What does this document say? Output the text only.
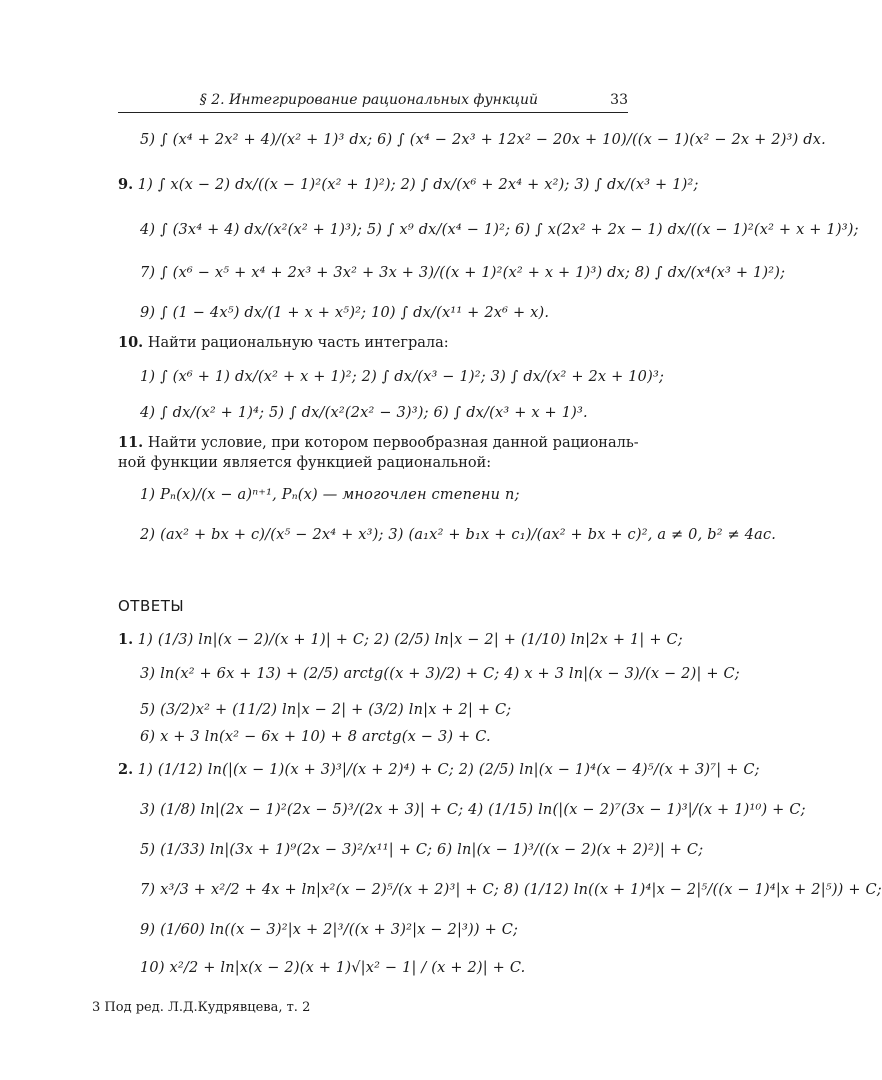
§ 2. Интегрирование рациональных функций	33
5) ∫ (x⁴ + 2x² + 4)/(x² + 1)³ dx; 6) ∫ (x⁴ − 2x³ + 12x² − 20x + 10)/((x − 1)(x² − 2x + 2)³) dx.
9. 1) ∫ x(x − 2) dx/((x − 1)²(x² + 1)²); 2) ∫ dx/(x⁶ + 2x⁴ + x²); 3) ∫ dx/(x³ + 1)²;
4) ∫ (3x⁴ + 4) dx/(x²(x² + 1)³); 5) ∫ x⁹ dx/(x⁴ − 1)²; 6) ∫ x(2x² + 2x − 1) dx/((x − 1)²(x² + x + 1)³);
7) ∫ (x⁶ − x⁵ + x⁴ + 2x³ + 3x² + 3x + 3)/((x + 1)²(x² + x + 1)³) dx; 8) ∫ dx/(x⁴(x³ + 1)²);
9) ∫ (1 − 4x⁵) dx/(1 + x + x⁵)²; 10) ∫ dx/(x¹¹ + 2x⁶ + x).
10. Найти рациональную часть интеграла:
1) ∫ (x⁶ + 1) dx/(x² + x + 1)²; 2) ∫ dx/(x³ − 1)²; 3) ∫ dx/(x² + 2x + 10)³;
4) ∫ dx/(x² + 1)⁴; 5) ∫ dx/(x²(2x² − 3)³); 6) ∫ dx/(x³ + x + 1)³.
11. Найти условие, при котором первообразная данной рациональ-
ной функции является функцией рациональной:
1) Pₙ(x)/(x − a)ⁿ⁺¹, Pₙ(x) — многочлен степени n;
2) (ax² + bx + c)/(x⁵ − 2x⁴ + x³); 3) (a₁x² + b₁x + c₁)/(ax² + bx + c)², a ≠ 0, b² ≠ 4ac.
ОТВЕТЫ
1. 1) (1/3) ln|(x − 2)/(x + 1)| + C; 2) (2/5) ln|x − 2| + (1/10) ln|2x + 1| + C;
3) ln(x² + 6x + 13) + (2/5) arctg((x + 3)/2) + C; 4) x + 3 ln|(x − 3)/(x − 2)| + C;
5) (3/2)x² + (11/2) ln|x − 2| + (3/2) ln|x + 2| + C;
6) x + 3 ln(x² − 6x + 10) + 8 arctg(x − 3) + C.
2. 1) (1/12) ln(|(x − 1)(x + 3)³|/(x + 2)⁴) + C; 2) (2/5) ln|(x − 1)⁴(x − 4)⁵/(x + 3)⁷| + C;
3) (1/8) ln|(2x − 1)²(2x − 5)³/(2x + 3)| + C; 4) (1/15) ln(|(x − 2)⁷(3x − 1)³|/(x + 1)¹⁰) + C;
5) (1/33) ln|(3x + 1)⁹(2x − 3)²/x¹¹| + C; 6) ln|(x − 1)³/((x − 2)(x + 2)²)| + C;
7) x³/3 + x²/2 + 4x + ln|x²(x − 2)⁵/(x + 2)³| + C; 8) (1/12) ln((x + 1)⁴|x − 2|⁵/((x − 1)⁴|x + 2|⁵)) + C;
9) (1/60) ln((x − 3)²|x + 2|³/((x + 3)²|x − 2|³)) + C;
10) x²/2 + ln|x(x − 2)(x + 1)√|x² − 1| / (x + 2)| + C.
3 Под ред. Л.Д.Кудрявцева, т. 2
